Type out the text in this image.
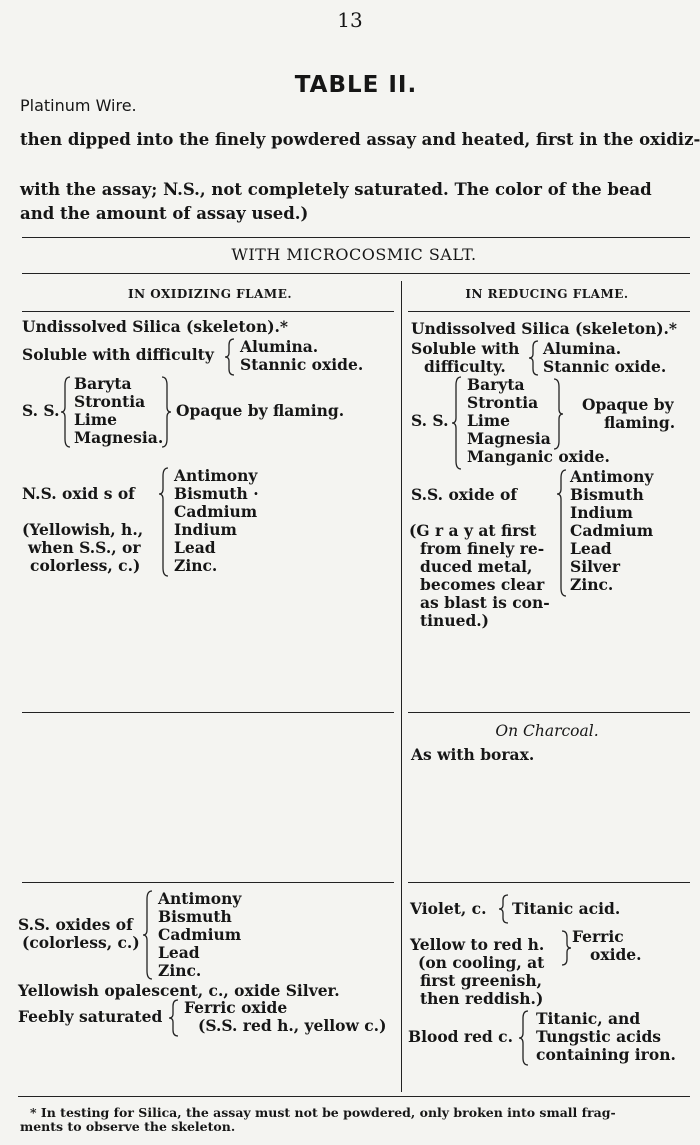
13
TABLE II.
Platinum Wire.
then dipped into the finely powdered assay and heated, first in the oxidiz-
with the assay; N.S., not completely saturated. The color of the bead
and the amount of assay used.)
WITH MICROCOSMIC SALT.
IN OXIDIZING FLAME.	IN REDUCING FLAME.
Undissolved Silica (skeleton).*
Soluble with difficulty Alumina.
Stannic oxide.
S. S.
Baryta
Strontia
Lime
Magnesia.
Opaque by flaming.
N.S. oxid s of
(Yellowish, h.,
when S.S., or
colorless, c.)
Antimony
Bismuth ·
Cadmium
Indium
Lead
Zinc.
S.S. oxides of
(colorless, c.)
Antimony
Bismuth
Cadmium
Lead
Zinc.
Yellowish opalescent, c., oxide Silver.
Feebly saturated Ferric oxide
(S.S. red h., yellow c.)
Undissolved Silica (skeleton).*
Soluble with
difficulty.
Alumina.
Stannic oxide.
S. S.
Baryta
Strontia
Lime
Magnesia
Manganic oxide.
Opaque by
flaming.
S.S. oxide of
(G r a y at first
from finely re-
duced metal,
becomes clear
as blast is con-
tinued.)
Antimony
Bismuth
Indium
Cadmium
Lead
Silver
Zinc.
On Charcoal.
As with borax.
Violet, c. Titanic acid.
Yellow to red h.
(on cooling, at
first greenish,
then reddish.)
Ferric
oxide.
Blood red c.
Titanic, and
Tungstic acids
containing iron.
* In testing for Silica, the assay must not be powdered, only broken into small frag-
ments to observe the skeleton.
